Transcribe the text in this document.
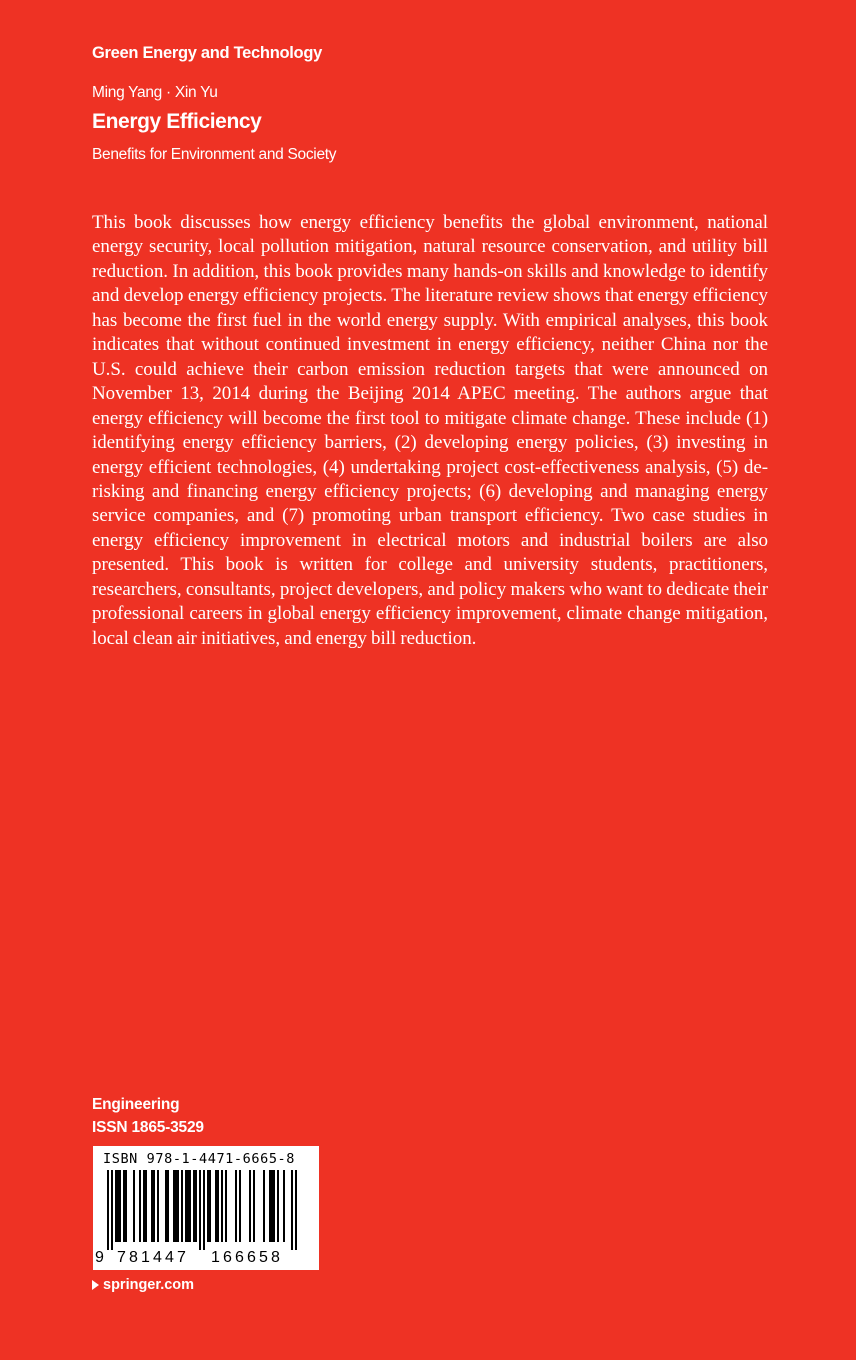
Green Energy and Technology
Ming Yang · Xin Yu
Energy Efficiency
Benefits for Environment and Society

This book discusses how energy efficiency benefits the global environment, national energy security, local pollution mitigation, natural resource conservation, and utility bill reduction. In addition, this book provides many hands-on skills and knowledge to identify and develop energy efficiency projects. The literature review shows that energy efficiency has become the first fuel in the world energy supply. With empirical analyses, this book indicates that without continued investment in energy efficiency, neither China nor the U.S. could achieve their carbon emission reduction targets that were announced on November 13, 2014 during the Beijing 2014 APEC meeting. The authors argue that energy efficiency will become the first tool to mitigate climate change. These include (1) identifying energy efficiency barriers, (2) developing energy policies, (3) investing in energy efficient technologies, (4) undertaking project cost-effectiveness analysis, (5) de-risking and financing energy efficiency projects; (6) developing and managing energy service companies, and (7) promoting urban transport efficiency. Two case studies in energy efficiency improvement in electrical motors and industrial boilers are also presented. This book is written for college and university students, practitioners, researchers, consultants, project developers, and policy makers who want to dedicate their professional careers in global energy efficiency improvement, climate change mitigation, local clean air initiatives, and energy bill reduction.

Engineering
ISSN 1865-3529
ISBN 978-1-4471-6665-8
9 781447 166658
springer.com
